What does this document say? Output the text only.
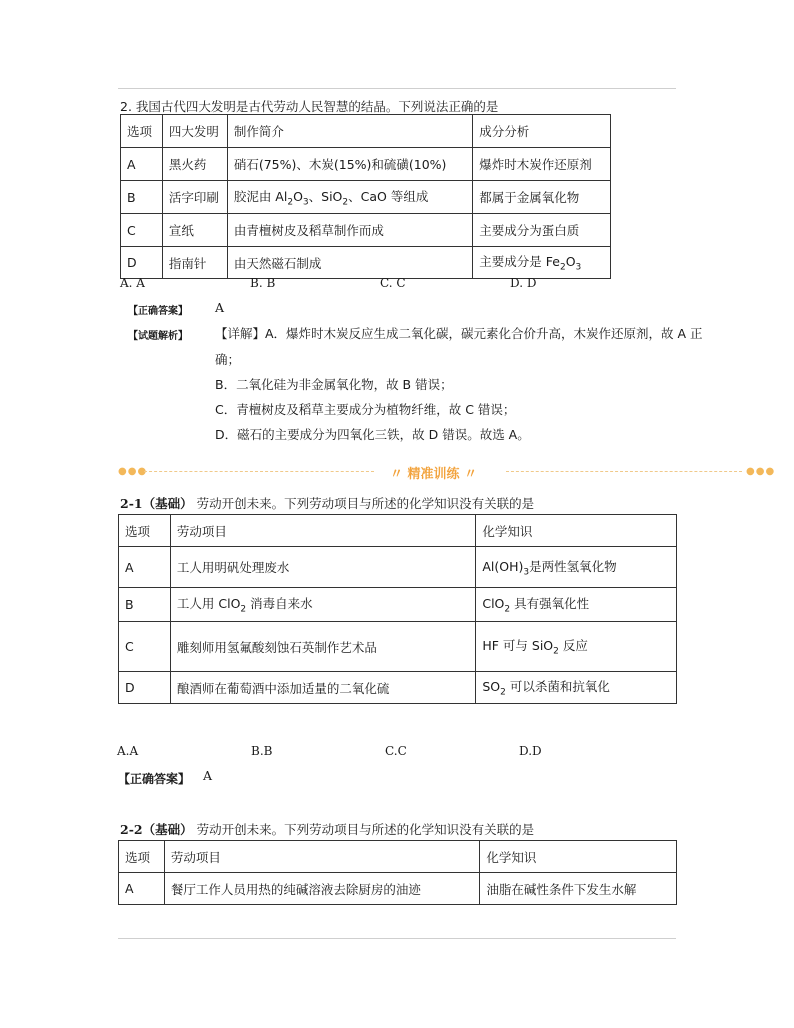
2. 我国古代四大发明是古代劳动人民智慧的结晶。下列说法正确的是
选项	四大发明	制作简介	成分分析
A	黑火药	硝石(75%)、木炭(15%)和硫磺(10%)	爆炸时木炭作还原剂
B	活字印刷	胶泥由 $Al_2O_3$、SiO$_2$、CaO 等组成	都属于金属氧化物
C	宣纸	由青檀树皮及稻草制作而成	主要成分为蛋白质
D	指南针	由天然磁石制成	主要成分是 $Fe_2O_3$
A. A	B. B	C. C	D. D
【正确答案】 A
【试题解析】 【详解】A．爆炸时木炭反应生成二氧化碳，碳元素化合价升高，木炭作还原剂，故 A 正
确；
B．二氧化硅为非金属氧化物，故 B 错误；
C．青檀树皮及稻草主要成分为植物纤维，故 C 错误；
D．磁石的主要成分为四氧化三铁，故 D 错误。故选 A。
●●●	〃 精准训练 〃	●●●
2-1（基础） 劳动开创未来。下列劳动项目与所述的化学知识没有关联的是
选项	劳动项目	化学知识
A	工人用明矾处理废水	$Al(OH)_3$是两性氢氧化物
B	工人用 ClO$_2$ 消毒自来水	ClO$_2$ 具有强氧化性
C	雕刻师用氢氟酸刻蚀石英制作艺术品	HF 可与 SiO$_2$ 反应
D	酿酒师在葡萄酒中添加适量的二氧化硫	$SO_2$ 可以杀菌和抗氧化
A.A	B.B	C.C	D.D
【正确答案】 A
2-2（基础） 劳动开创未来。下列劳动项目与所述的化学知识没有关联的是
选项	劳动项目	化学知识
A	餐厅工作人员用热的纯碱溶液去除厨房的油迹	油脂在碱性条件下发生水解
